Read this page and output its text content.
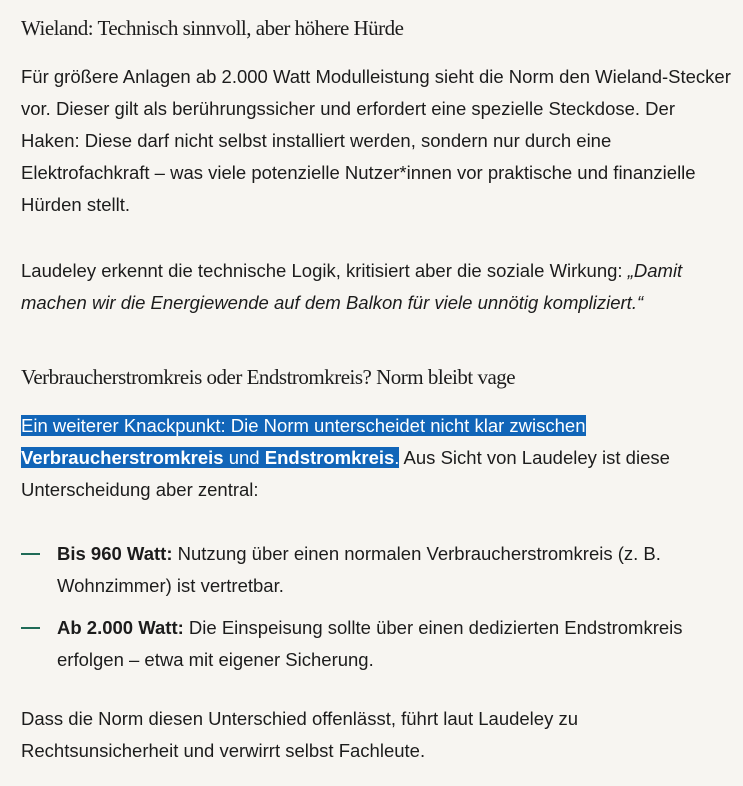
Wieland: Technisch sinnvoll, aber höhere Hürde

Für größere Anlagen ab 2.000 Watt Modulleistung sieht die Norm den Wieland-Stecker vor. Dieser gilt als berührungssicher und erfordert eine spezielle Steckdose. Der Haken: Diese darf nicht selbst installiert werden, sondern nur durch eine Elektrofachkraft – was viele potenzielle Nutzer*innen vor praktische und finanzielle Hürden stellt.

Laudeley erkennt die technische Logik, kritisiert aber die soziale Wirkung: „Damit machen wir die Energiewende auf dem Balkon für viele unnötig kompliziert.“

Verbraucherstromkreis oder Endstromkreis? Norm bleibt vage

Ein weiterer Knackpunkt: Die Norm unterscheidet nicht klar zwischen Verbraucherstromkreis und Endstromkreis. Aus Sicht von Laudeley ist diese Unterscheidung aber zentral:

Bis 960 Watt: Nutzung über einen normalen Verbraucherstromkreis (z. B. Wohnzimmer) ist vertretbar.
Ab 2.000 Watt: Die Einspeisung sollte über einen dedizierten Endstromkreis erfolgen – etwa mit eigener Sicherung.

Dass die Norm diesen Unterschied offenlässt, führt laut Laudeley zu Rechtsunsicherheit und verwirrt selbst Fachleute.
